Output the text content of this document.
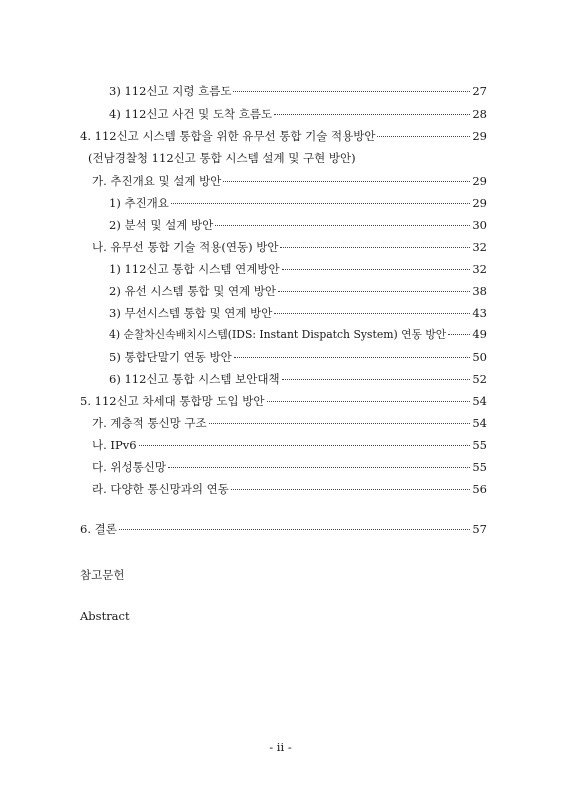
3) 112신고 지령 흐름도	27
4) 112신고 사건 및 도착 흐름도	28
4. 112신고 시스템 통합을 위한 유무선 통합 기술 적용방안	29
(전남경찰청 112신고 통합 시스템 설계 및 구현 방안)
가. 추진개요 및 설계 방안	29
1) 추진개요	29
2) 분석 및 설계 방안	30
나. 유무선 통합 기술 적용(연동) 방안	32
1) 112신고 통합 시스템 연계방안	32
2) 유선 시스템 통합 및 연계 방안	38
3) 무선시스템 통합 및 연계 방안	43
4) 순찰차신속배치시스템(IDS: Instant Dispatch System) 연동 방안 49
5) 통합단말기 연동 방안	50
6) 112신고 통합 시스템 보안대책	52
5. 112신고 차세대 통합망 도입 방안	54
가. 계층적 통신망 구조	54
나. IPv6	55
다. 위성통신망	55
라. 다양한 통신망과의 연동	56
6. 결론	57
참고문헌
Abstract
- ii -
